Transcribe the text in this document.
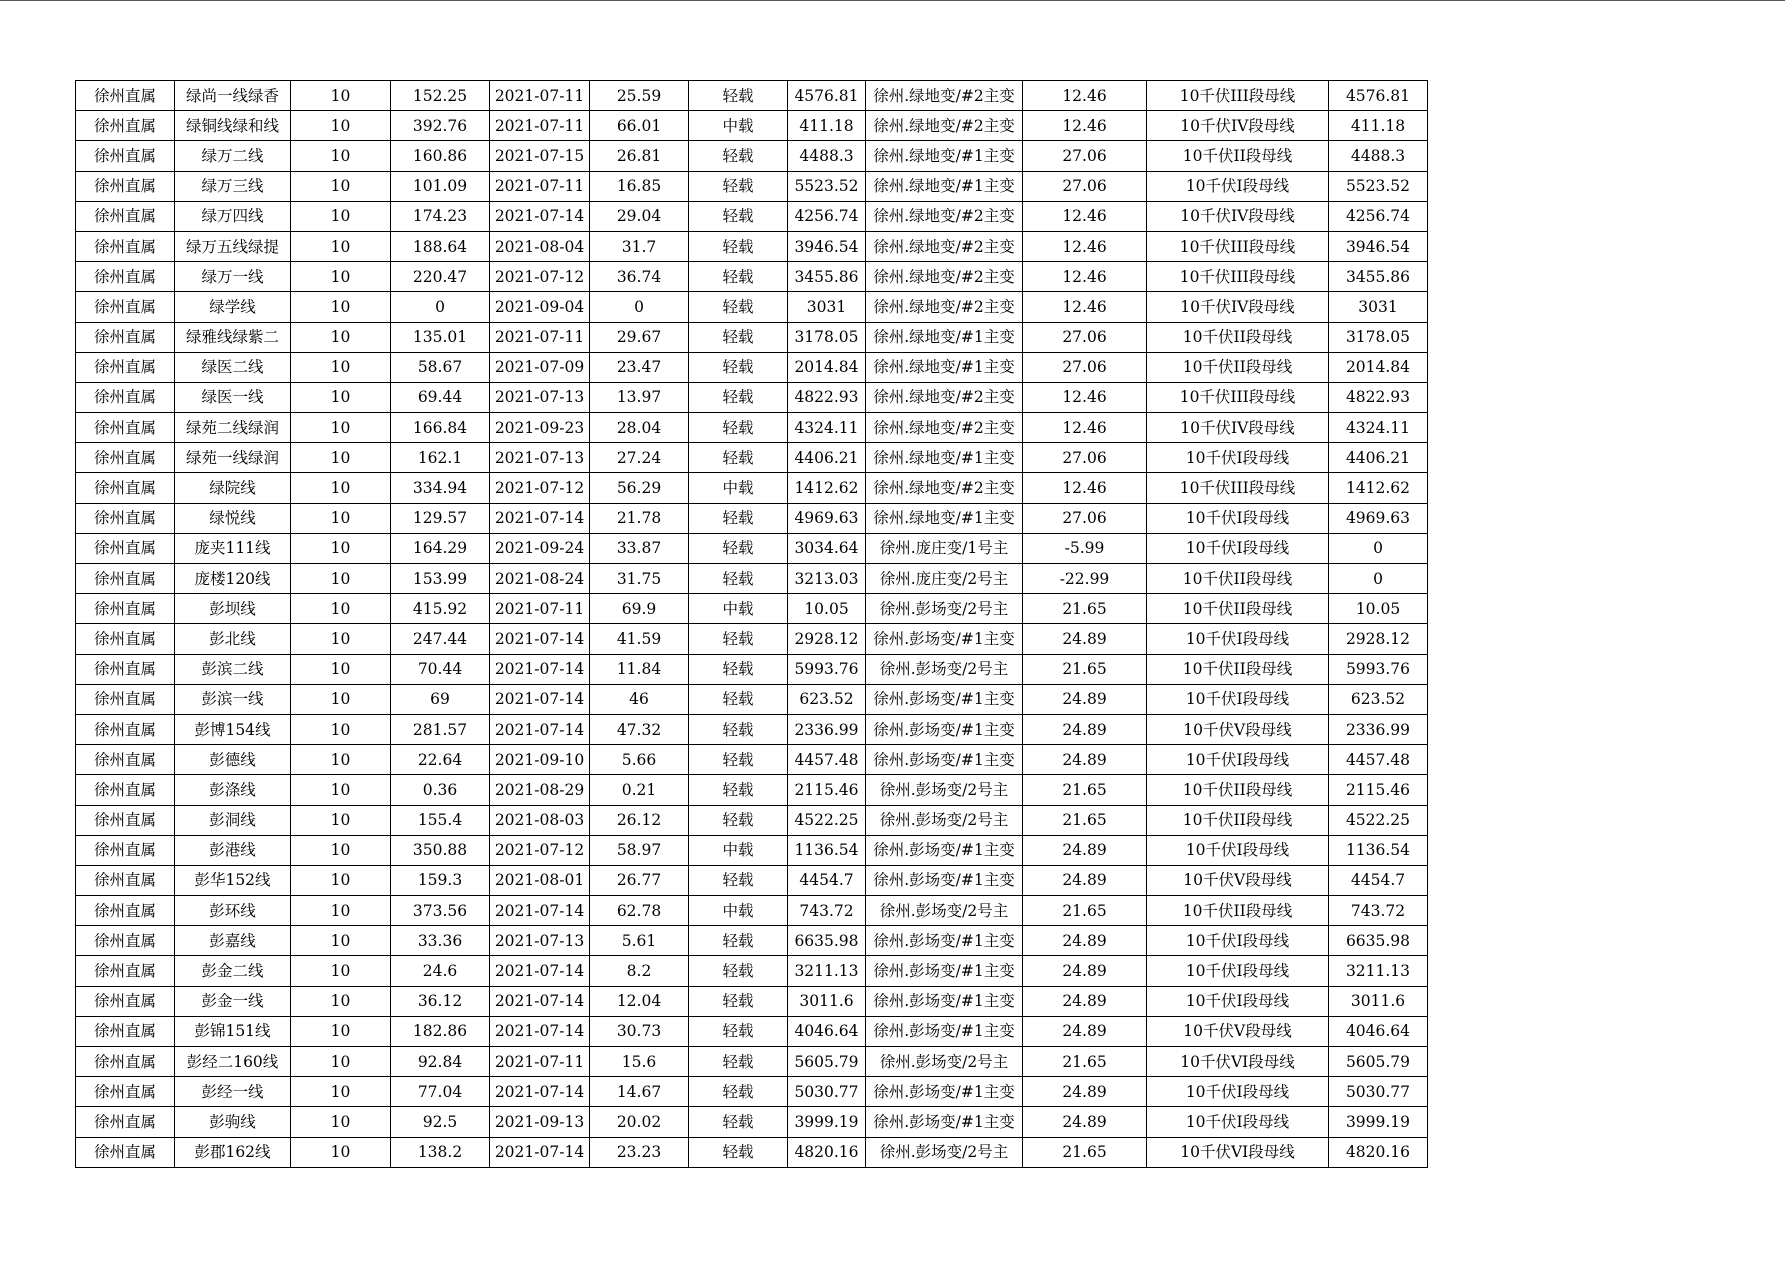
徐州直属	绿尚一线绿香	10	152.25	2021-07-11	25.59	轻载	4576.81	徐州.绿地变/#2主变	12.46	10千伏III段母线	4576.81
徐州直属	绿铜线绿和线	10	392.76	2021-07-11	66.01	中载	411.18	徐州.绿地变/#2主变	12.46	10千伏IV段母线	411.18
徐州直属	绿万二线	10	160.86	2021-07-15	26.81	轻载	4488.3	徐州.绿地变/#1主变	27.06	10千伏II段母线	4488.3
徐州直属	绿万三线	10	101.09	2021-07-11	16.85	轻载	5523.52	徐州.绿地变/#1主变	27.06	10千伏I段母线	5523.52
徐州直属	绿万四线	10	174.23	2021-07-14	29.04	轻载	4256.74	徐州.绿地变/#2主变	12.46	10千伏IV段母线	4256.74
徐州直属	绿万五线绿提	10	188.64	2021-08-04	31.7	轻载	3946.54	徐州.绿地变/#2主变	12.46	10千伏III段母线	3946.54
徐州直属	绿万一线	10	220.47	2021-07-12	36.74	轻载	3455.86	徐州.绿地变/#2主变	12.46	10千伏III段母线	3455.86
徐州直属	绿学线	10	0	2021-09-04	0	轻载	3031	徐州.绿地变/#2主变	12.46	10千伏IV段母线	3031
徐州直属	绿雅线绿紫二	10	135.01	2021-07-11	29.67	轻载	3178.05	徐州.绿地变/#1主变	27.06	10千伏II段母线	3178.05
徐州直属	绿医二线	10	58.67	2021-07-09	23.47	轻载	2014.84	徐州.绿地变/#1主变	27.06	10千伏II段母线	2014.84
徐州直属	绿医一线	10	69.44	2021-07-13	13.97	轻载	4822.93	徐州.绿地变/#2主变	12.46	10千伏III段母线	4822.93
徐州直属	绿苑二线绿润	10	166.84	2021-09-23	28.04	轻载	4324.11	徐州.绿地变/#2主变	12.46	10千伏IV段母线	4324.11
徐州直属	绿苑一线绿润	10	162.1	2021-07-13	27.24	轻载	4406.21	徐州.绿地变/#1主变	27.06	10千伏I段母线	4406.21
徐州直属	绿院线	10	334.94	2021-07-12	56.29	中载	1412.62	徐州.绿地变/#2主变	12.46	10千伏III段母线	1412.62
徐州直属	绿悦线	10	129.57	2021-07-14	21.78	轻载	4969.63	徐州.绿地变/#1主变	27.06	10千伏I段母线	4969.63
徐州直属	庞夹111线	10	164.29	2021-09-24	33.87	轻载	3034.64	徐州.庞庄变/1号主	-5.99	10千伏I段母线	0
徐州直属	庞楼120线	10	153.99	2021-08-24	31.75	轻载	3213.03	徐州.庞庄变/2号主	-22.99	10千伏II段母线	0
徐州直属	彭坝线	10	415.92	2021-07-11	69.9	中载	10.05	徐州.彭场变/2号主	21.65	10千伏II段母线	10.05
徐州直属	彭北线	10	247.44	2021-07-14	41.59	轻载	2928.12	徐州.彭场变/#1主变	24.89	10千伏I段母线	2928.12
徐州直属	彭滨二线	10	70.44	2021-07-14	11.84	轻载	5993.76	徐州.彭场变/2号主	21.65	10千伏II段母线	5993.76
徐州直属	彭滨一线	10	69	2021-07-14	46	轻载	623.52	徐州.彭场变/#1主变	24.89	10千伏I段母线	623.52
徐州直属	彭博154线	10	281.57	2021-07-14	47.32	轻载	2336.99	徐州.彭场变/#1主变	24.89	10千伏V段母线	2336.99
徐州直属	彭德线	10	22.64	2021-09-10	5.66	轻载	4457.48	徐州.彭场变/#1主变	24.89	10千伏I段母线	4457.48
徐州直属	彭涤线	10	0.36	2021-08-29	0.21	轻载	2115.46	徐州.彭场变/2号主	21.65	10千伏II段母线	2115.46
徐州直属	彭洞线	10	155.4	2021-08-03	26.12	轻载	4522.25	徐州.彭场变/2号主	21.65	10千伏II段母线	4522.25
徐州直属	彭港线	10	350.88	2021-07-12	58.97	中载	1136.54	徐州.彭场变/#1主变	24.89	10千伏I段母线	1136.54
徐州直属	彭华152线	10	159.3	2021-08-01	26.77	轻载	4454.7	徐州.彭场变/#1主变	24.89	10千伏V段母线	4454.7
徐州直属	彭环线	10	373.56	2021-07-14	62.78	中载	743.72	徐州.彭场变/2号主	21.65	10千伏II段母线	743.72
徐州直属	彭嘉线	10	33.36	2021-07-13	5.61	轻载	6635.98	徐州.彭场变/#1主变	24.89	10千伏I段母线	6635.98
徐州直属	彭金二线	10	24.6	2021-07-14	8.2	轻载	3211.13	徐州.彭场变/#1主变	24.89	10千伏I段母线	3211.13
徐州直属	彭金一线	10	36.12	2021-07-14	12.04	轻载	3011.6	徐州.彭场变/#1主变	24.89	10千伏I段母线	3011.6
徐州直属	彭锦151线	10	182.86	2021-07-14	30.73	轻载	4046.64	徐州.彭场变/#1主变	24.89	10千伏V段母线	4046.64
徐州直属	彭经二160线	10	92.84	2021-07-11	15.6	轻载	5605.79	徐州.彭场变/2号主	21.65	10千伏VI段母线	5605.79
徐州直属	彭经一线	10	77.04	2021-07-14	14.67	轻载	5030.77	徐州.彭场变/#1主变	24.89	10千伏I段母线	5030.77
徐州直属	彭驹线	10	92.5	2021-09-13	20.02	轻载	3999.19	徐州.彭场变/#1主变	24.89	10千伏I段母线	3999.19
徐州直属	彭郡162线	10	138.2	2021-07-14	23.23	轻载	4820.16	徐州.彭场变/2号主	21.65	10千伏VI段母线	4820.16
